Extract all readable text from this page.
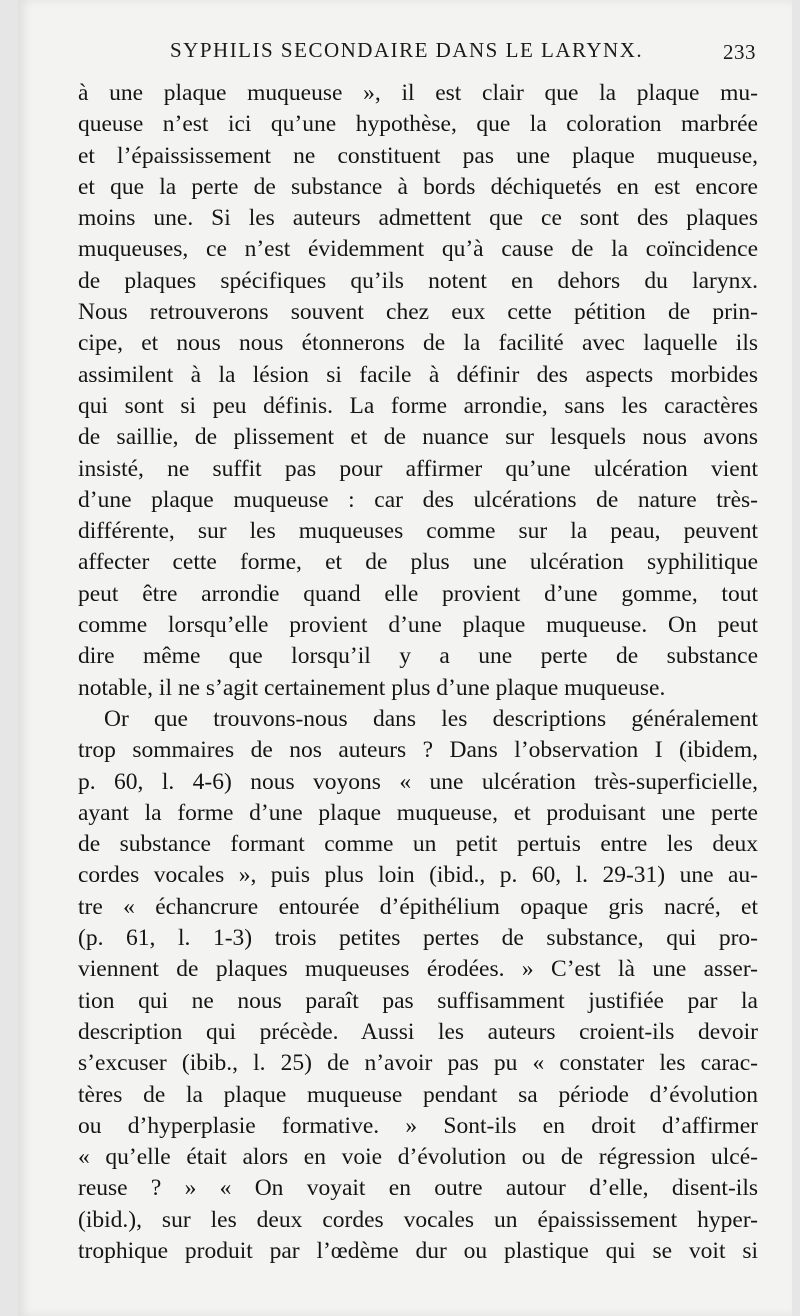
SYPHILIS SECONDAIRE DANS LE LARYNX.	233
à une plaque muqueuse », il est clair que la plaque mu-
queuse n’est ici qu’une hypothèse, que la coloration marbrée
et l’épaississement ne constituent pas une plaque muqueuse,
et que la perte de substance à bords déchiquetés en est encore
moins une. Si les auteurs admettent que ce sont des plaques
muqueuses, ce n’est évidemment qu’à cause de la coïncidence
de plaques spécifiques qu’ils notent en dehors du larynx.
Nous retrouverons souvent chez eux cette pétition de prin-
cipe, et nous nous étonnerons de la facilité avec laquelle ils
assimilent à la lésion si facile à définir des aspects morbides
qui sont si peu définis. La forme arrondie, sans les caractères
de saillie, de plissement et de nuance sur lesquels nous avons
insisté, ne suffit pas pour affirmer qu’une ulcération vient
d’une plaque muqueuse : car des ulcérations de nature très-
différente, sur les muqueuses comme sur la peau, peuvent
affecter cette forme, et de plus une ulcération syphilitique
peut être arrondie quand elle provient d’une gomme, tout
comme lorsqu’elle provient d’une plaque muqueuse. On peut
dire même que lorsqu’il y a une perte de substance
notable, il ne s’agit certainement plus d’une plaque muqueuse.
Or que trouvons-nous dans les descriptions généralement
trop sommaires de nos auteurs ? Dans l’observation I (ibidem,
p. 60, l. 4-6) nous voyons « une ulcération très-superficielle,
ayant la forme d’une plaque muqueuse, et produisant une perte
de substance formant comme un petit pertuis entre les deux
cordes vocales », puis plus loin (ibid., p. 60, l. 29-31) une au-
tre « échancrure entourée d’épithélium opaque gris nacré, et
(p. 61, l. 1-3) trois petites pertes de substance, qui pro-
viennent de plaques muqueuses érodées. » C’est là une asser-
tion qui ne nous paraît pas suffisamment justifiée par la
description qui précède. Aussi les auteurs croient-ils devoir
s’excuser (ibib., l. 25) de n’avoir pas pu « constater les carac-
tères de la plaque muqueuse pendant sa période d’évolution
ou d’hyperplasie formative. » Sont-ils en droit d’affirmer
« qu’elle était alors en voie d’évolution ou de régression ulcé-
reuse ? » « On voyait en outre autour d’elle, disent-ils
(ibid.), sur les deux cordes vocales un épaississement hyper-
trophique produit par l’œdème dur ou plastique qui se voit si
